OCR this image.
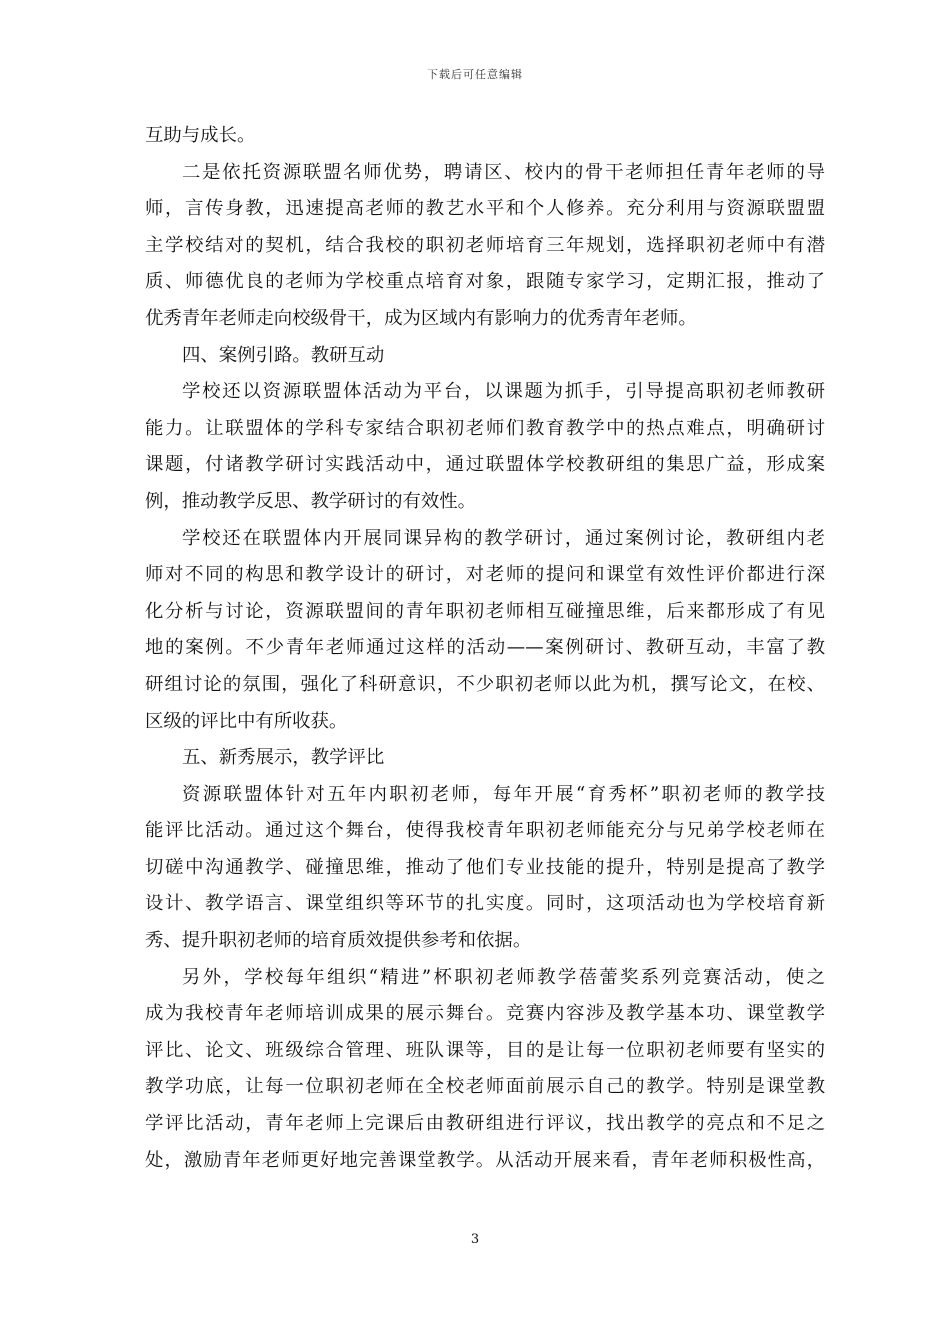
下载后可任意编辑
互助与成长。
二是依托资源联盟名师优势，聘请区、校内的骨干老师担任青年老师的导
师，言传身教，迅速提高老师的教艺水平和个人修养。充分利用与资源联盟盟
主学校结对的契机，结合我校的职初老师培育三年规划，选择职初老师中有潜
质、师德优良的老师为学校重点培育对象，跟随专家学习，定期汇报，推动了
优秀青年老师走向校级骨干，成为区域内有影响力的优秀青年老师。
四、案例引路。教研互动
学校还以资源联盟体活动为平台，以课题为抓手，引导提高职初老师教研
能力。让联盟体的学科专家结合职初老师们教育教学中的热点难点，明确研讨
课题，付诸教学研讨实践活动中，通过联盟体学校教研组的集思广益，形成案
例，推动教学反思、教学研讨的有效性。
学校还在联盟体内开展同课异构的教学研讨，通过案例讨论，教研组内老
师对不同的构思和教学设计的研讨，对老师的提问和课堂有效性评价都进行深
化分析与讨论，资源联盟间的青年职初老师相互碰撞思维，后来都形成了有见
地的案例。不少青年老师通过这样的活动——案例研讨、教研互动，丰富了教
研组讨论的氛围，强化了科研意识，不少职初老师以此为机，撰写论文，在校、
区级的评比中有所收获。
五、新秀展示，教学评比
资源联盟体针对五年内职初老师，每年开展“育秀杯”职初老师的教学技
能评比活动。通过这个舞台，使得我校青年职初老师能充分与兄弟学校老师在
切磋中沟通教学、碰撞思维，推动了他们专业技能的提升，特别是提高了教学
设计、教学语言、课堂组织等环节的扎实度。同时，这项活动也为学校培育新
秀、提升职初老师的培育质效提供参考和依据。
另外，学校每年组织“精进”杯职初老师教学蓓蕾奖系列竞赛活动，使之
成为我校青年老师培训成果的展示舞台。竞赛内容涉及教学基本功、课堂教学
评比、论文、班级综合管理、班队课等，目的是让每一位职初老师要有坚实的
教学功底，让每一位职初老师在全校老师面前展示自己的教学。特别是课堂教
学评比活动，青年老师上完课后由教研组进行评议，找出教学的亮点和不足之
处，激励青年老师更好地完善课堂教学。从活动开展来看，青年老师积极性高，
3
